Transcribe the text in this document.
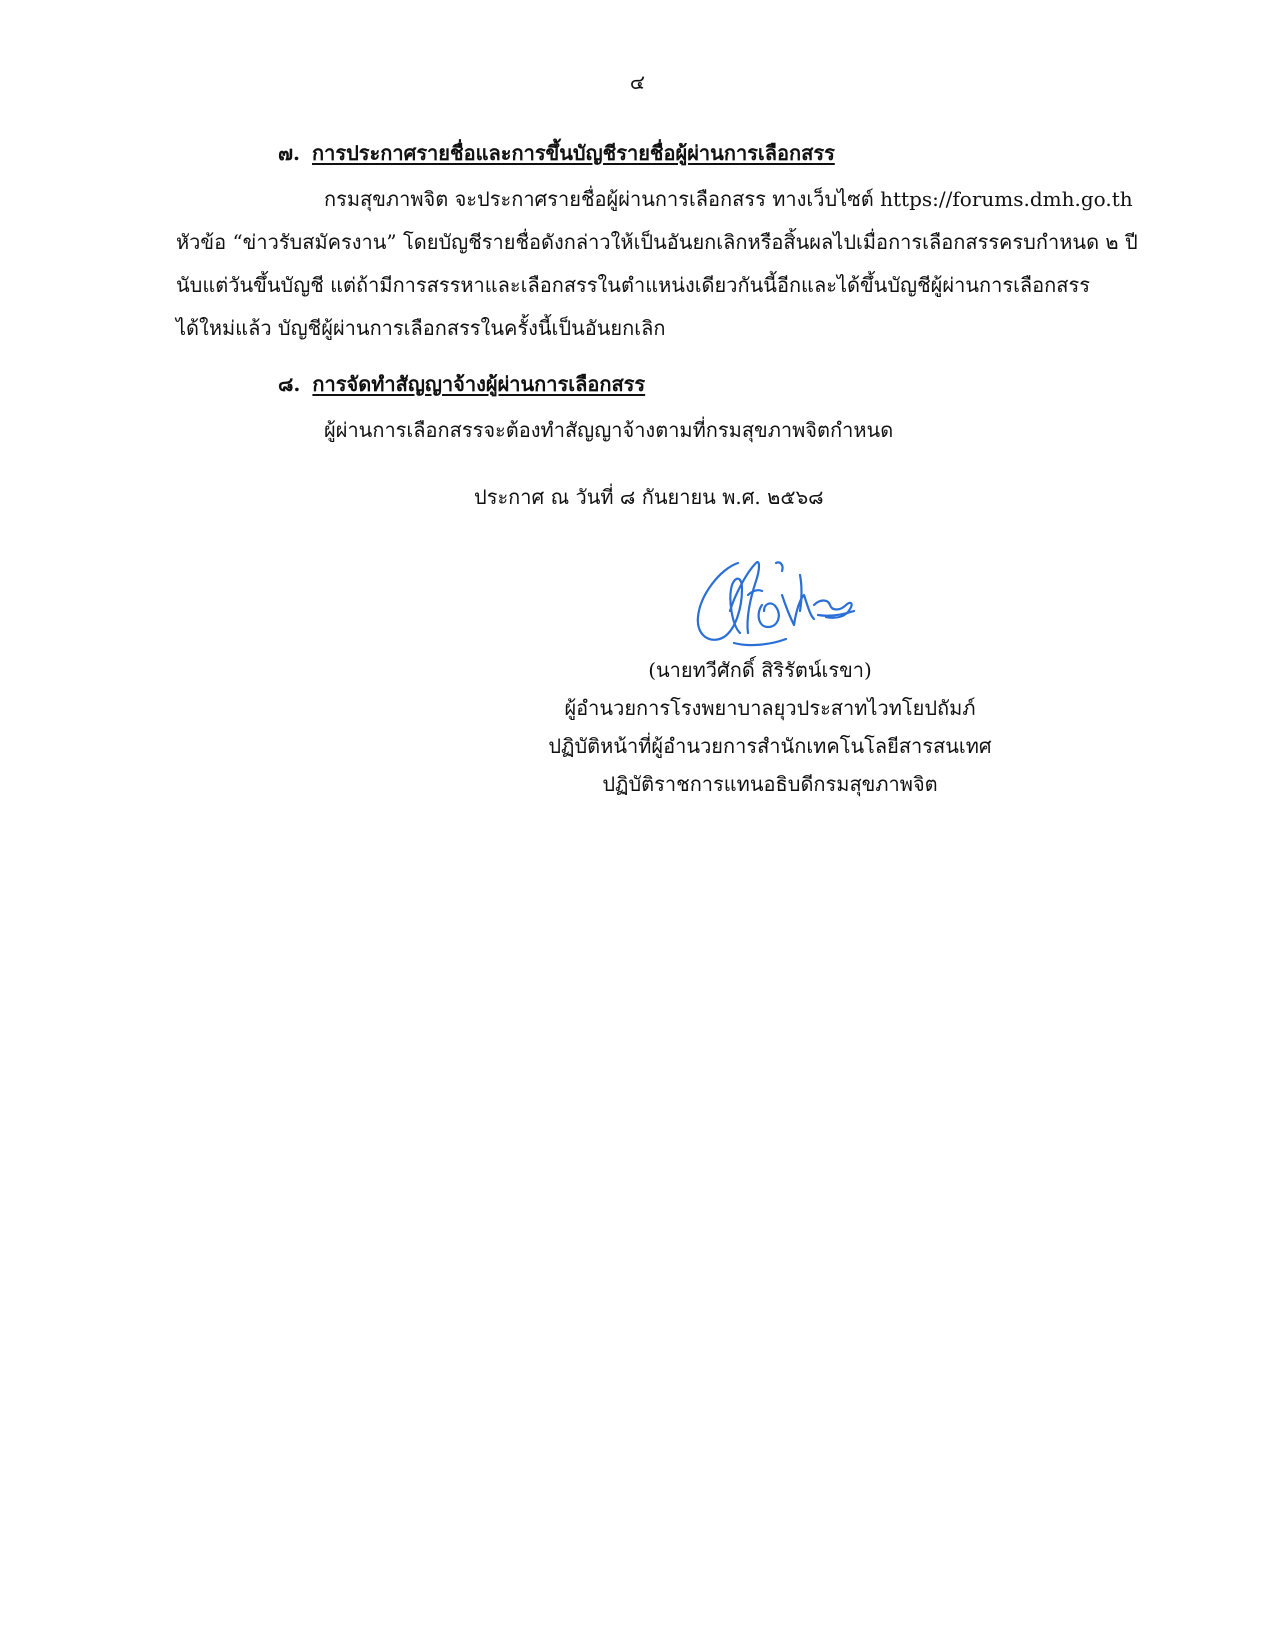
๔
๗. การประกาศรายชื่อและการขึ้นบัญชีรายชื่อผู้ผ่านการเลือกสรร
กรมสุขภาพจิต จะประกาศรายชื่อผู้ผ่านการเลือกสรร ทางเว็บไซต์ https://forums.dmh.go.th
หัวข้อ “ข่าวรับสมัครงาน” โดยบัญชีรายชื่อดังกล่าวให้เป็นอันยกเลิกหรือสิ้นผลไปเมื่อการเลือกสรรครบกำหนด ๒ ปี
นับแต่วันขึ้นบัญชี แต่ถ้ามีการสรรหาและเลือกสรรในตำแหน่งเดียวกันนี้อีกและได้ขึ้นบัญชีผู้ผ่านการเลือกสรร
ได้ใหม่แล้ว บัญชีผู้ผ่านการเลือกสรรในครั้งนี้เป็นอันยกเลิก
๘. การจัดทำสัญญาจ้างผู้ผ่านการเลือกสรร
ผู้ผ่านการเลือกสรรจะต้องทำสัญญาจ้างตามที่กรมสุขภาพจิตกำหนด
ประกาศ ณ วันที่ ๘ กันยายน พ.ศ. ๒๕๖๘
(นายทวีศักดิ์ สิริรัตน์เรขา)
ผู้อำนวยการโรงพยาบาลยุวประสาทไวทโยปถัมภ์
ปฏิบัติหน้าที่ผู้อำนวยการสำนักเทคโนโลยีสารสนเทศ
ปฏิบัติราชการแทนอธิบดีกรมสุขภาพจิต
